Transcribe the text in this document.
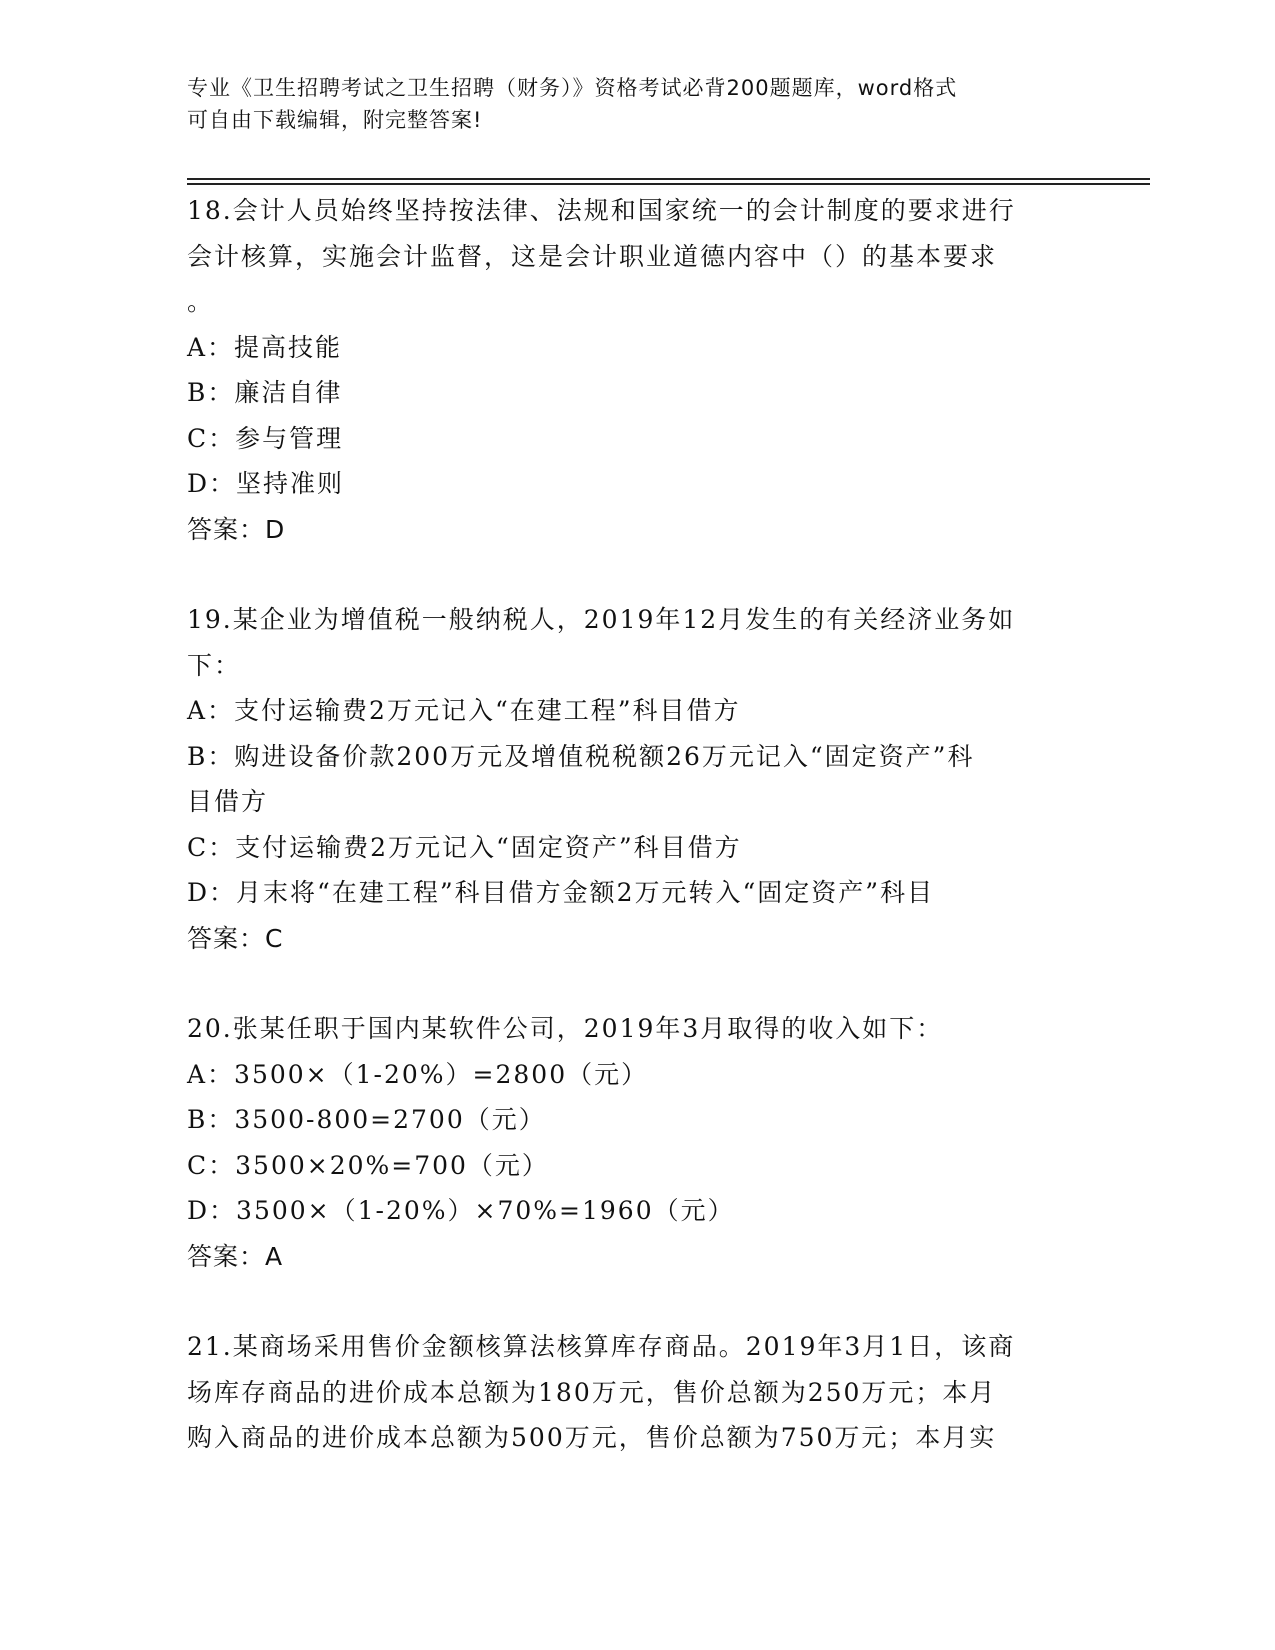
专业《卫生招聘考试之卫生招聘（财务）》资格考试必背200题题库，word格式
可自由下载编辑，附完整答案!

18.会计人员始终坚持按法律、法规和国家统一的会计制度的要求进行

会计核算，实施会计监督，这是会计职业道德内容中（）的基本要求

。

A：提高技能

B：廉洁自律

C：参与管理

D：坚持准则

答案：D

19.某企业为增值税一般纳税人，2019年12月发生的有关经济业务如

下：

A：支付运输费2万元记入“在建工程”科目借方

B：购进设备价款200万元及增值税税额26万元记入“固定资产”科

目借方

C：支付运输费2万元记入“固定资产”科目借方

D：月末将“在建工程”科目借方金额2万元转入“固定资产”科目

答案：C

20.张某任职于国内某软件公司，2019年3月取得的收入如下：

A：3500×（1-20%）=2800（元）

B：3500-800=2700（元）

C：3500×20%=700（元）

D：3500×（1-20%）×70%=1960（元）

答案：A

21.某商场采用售价金额核算法核算库存商品。2019年3月1日，该商

场库存商品的进价成本总额为180万元，售价总额为250万元；本月

购入商品的进价成本总额为500万元，售价总额为750万元；本月实
